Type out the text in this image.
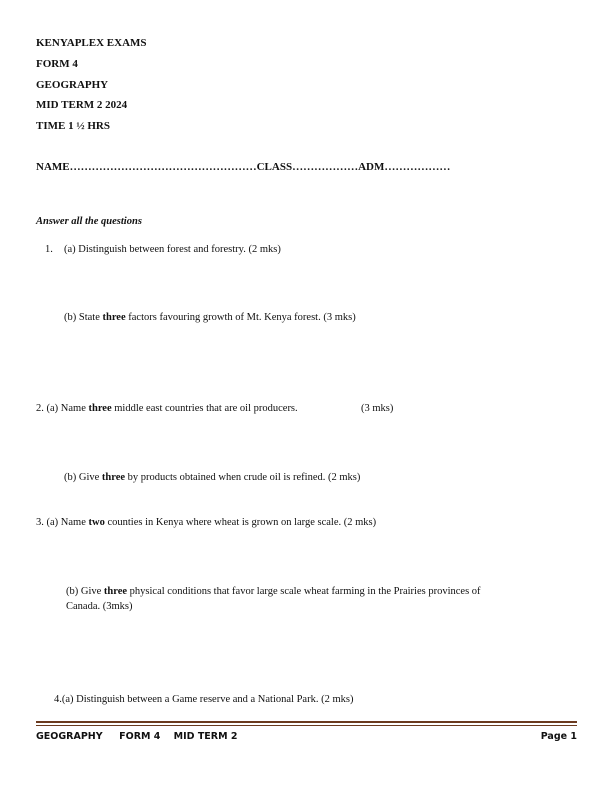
KENYAPLEX EXAMS
FORM 4
GEOGRAPHY
MID TERM 2 2024
TIME 1 ½ HRS
NAME……………………………………………CLASS………………ADM………………
Answer all the questions
1. (a) Distinguish between forest and forestry. (2 mks)
(b) State three factors favouring growth of Mt. Kenya forest. (3 mks)
2. (a) Name three middle east countries that are oil producers.	(3 mks)
(b) Give three by products obtained when crude oil is refined. (2 mks)
3. (a) Name two counties in Kenya where wheat is grown on large scale. (2 mks)
(b) Give three physical conditions that favor large scale wheat farming in the Prairies provinces of
Canada. (3mks)
4.(a) Distinguish between a Game reserve and a National Park. (2 mks)
GEOGRAPHY     FORM 4    MID TERM 2	Page 1
